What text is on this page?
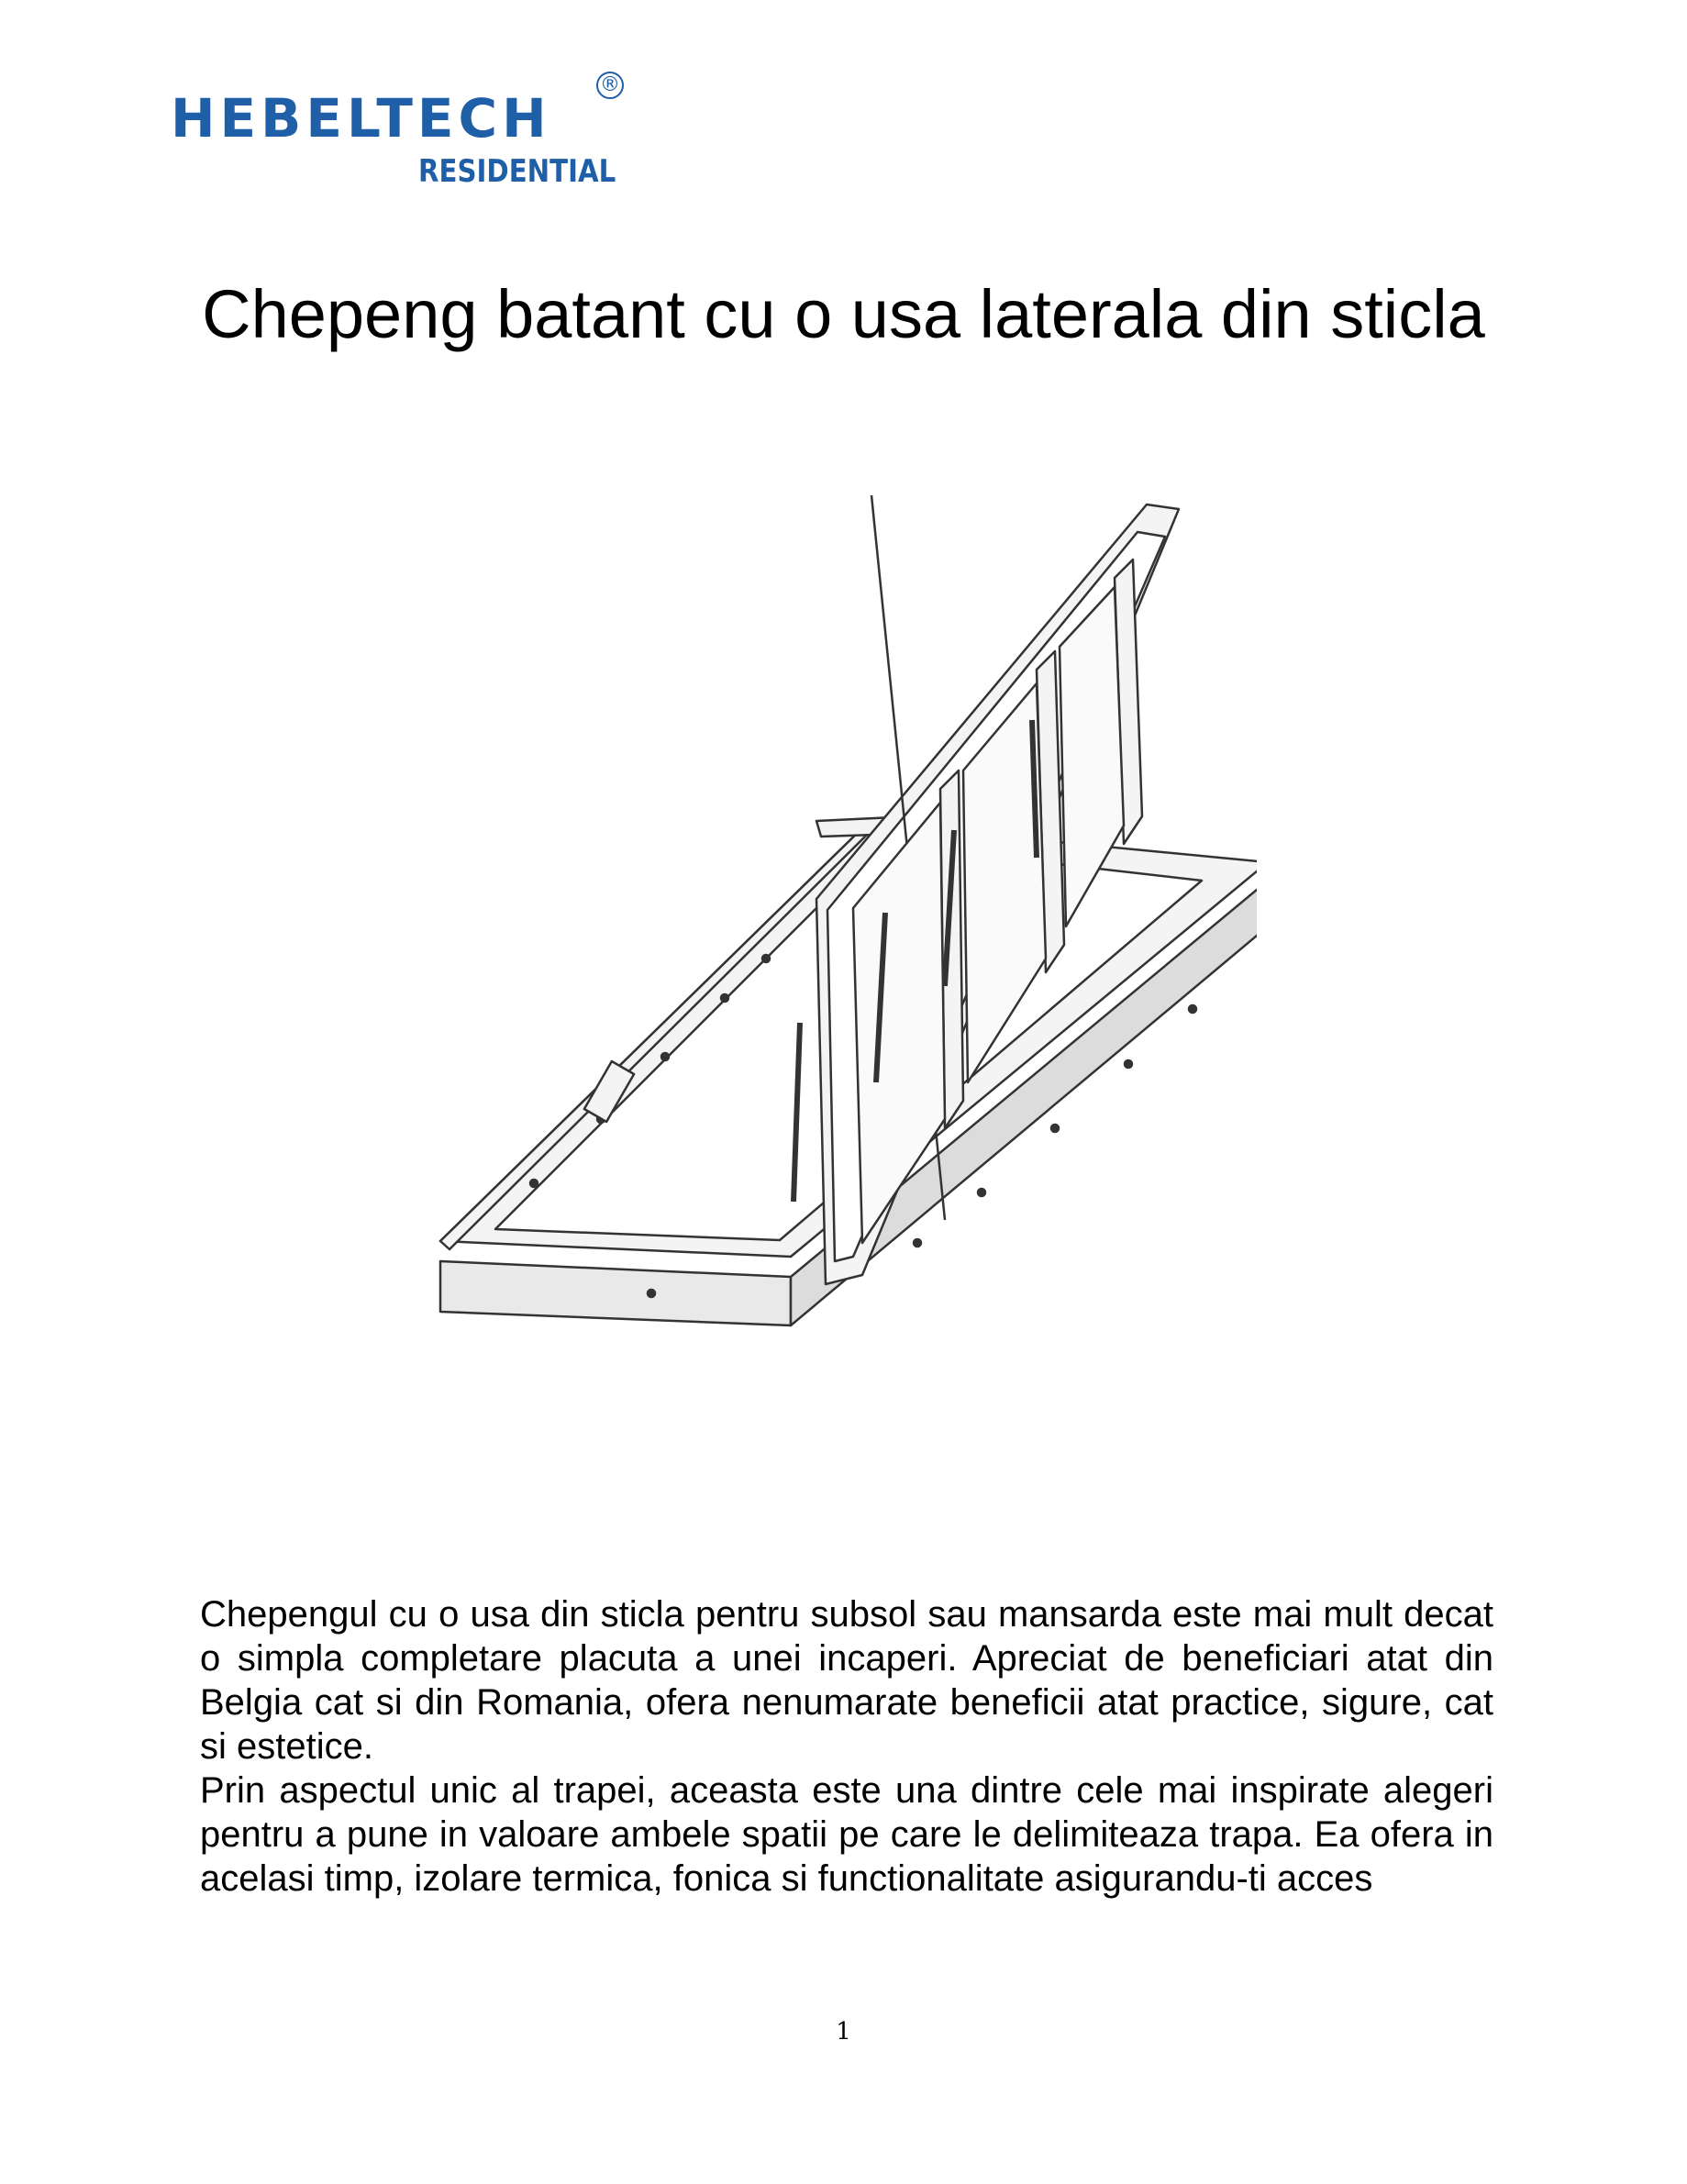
HEBELTECH
®
RESIDENTIAL
Chepeng batant cu o usa laterala din sticla

Chepengul cu o usa din sticla pentru subsol sau mansarda este mai mult decat o simpla completare placuta a unei incaperi. Apreciat de beneficiari atat din Belgia cat si din Romania, ofera nenumarate beneficii atat practice, sigure, cat si estetice.

Prin aspectul unic al trapei, aceasta este una dintre cele mai inspirate alegeri pentru a pune in valoare ambele spatii pe care le delimiteaza trapa. Ea ofera in acelasi timp, izolare termica, fonica si functionalitate asigurandu-ti acces

1
